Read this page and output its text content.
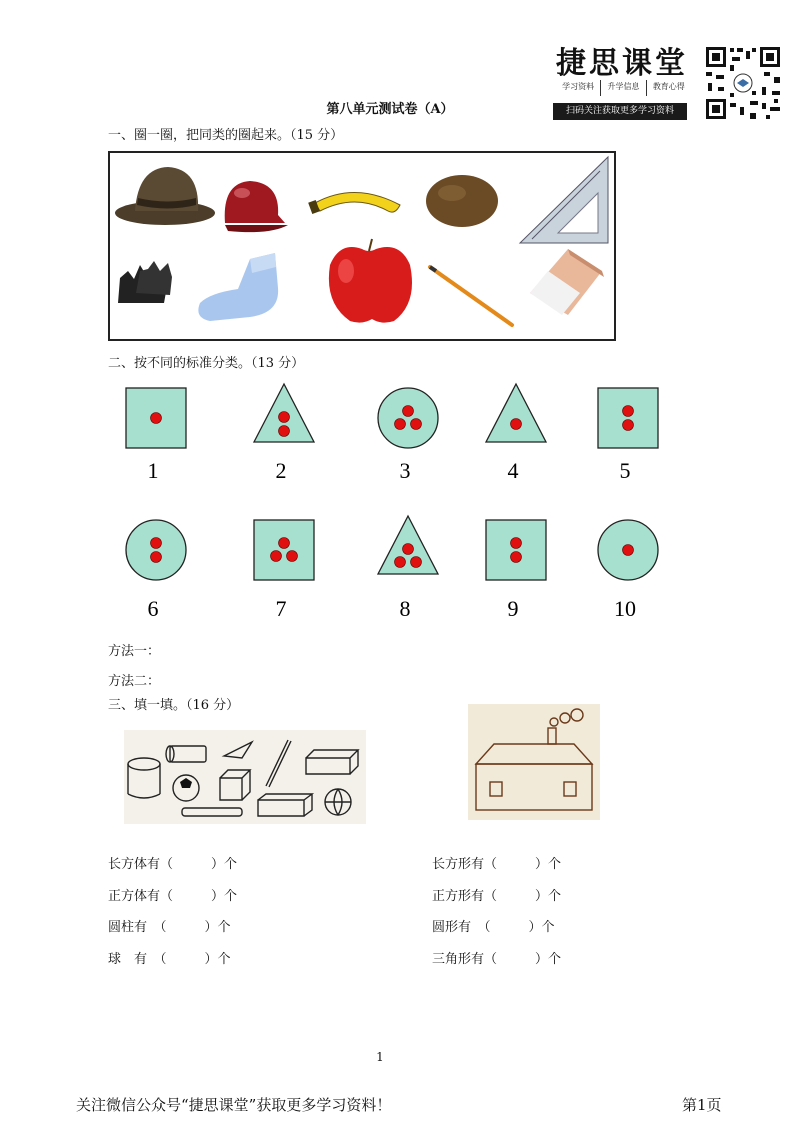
捷思课堂
学习资料	升学信息	教育心得
扫码关注获取更多学习资料
第八单元测试卷（A）
一、圈一圈，把同类的圈起来。（15 分）
二、按不同的标准分类。（13 分）
1	2	3	4	5
6	7	8	9	10
方法一：
方法二：
三、填一填。（16 分）
长方体有（	）个
正方体有（	）个
圆柱有　（	）个
球　有　（	）个
长方形有（	）个
正方形有（	）个
圆形有　（	）个
三角形有（	）个
1
关注微信公众号“捷思课堂”获取更多学习资料！	第1页
